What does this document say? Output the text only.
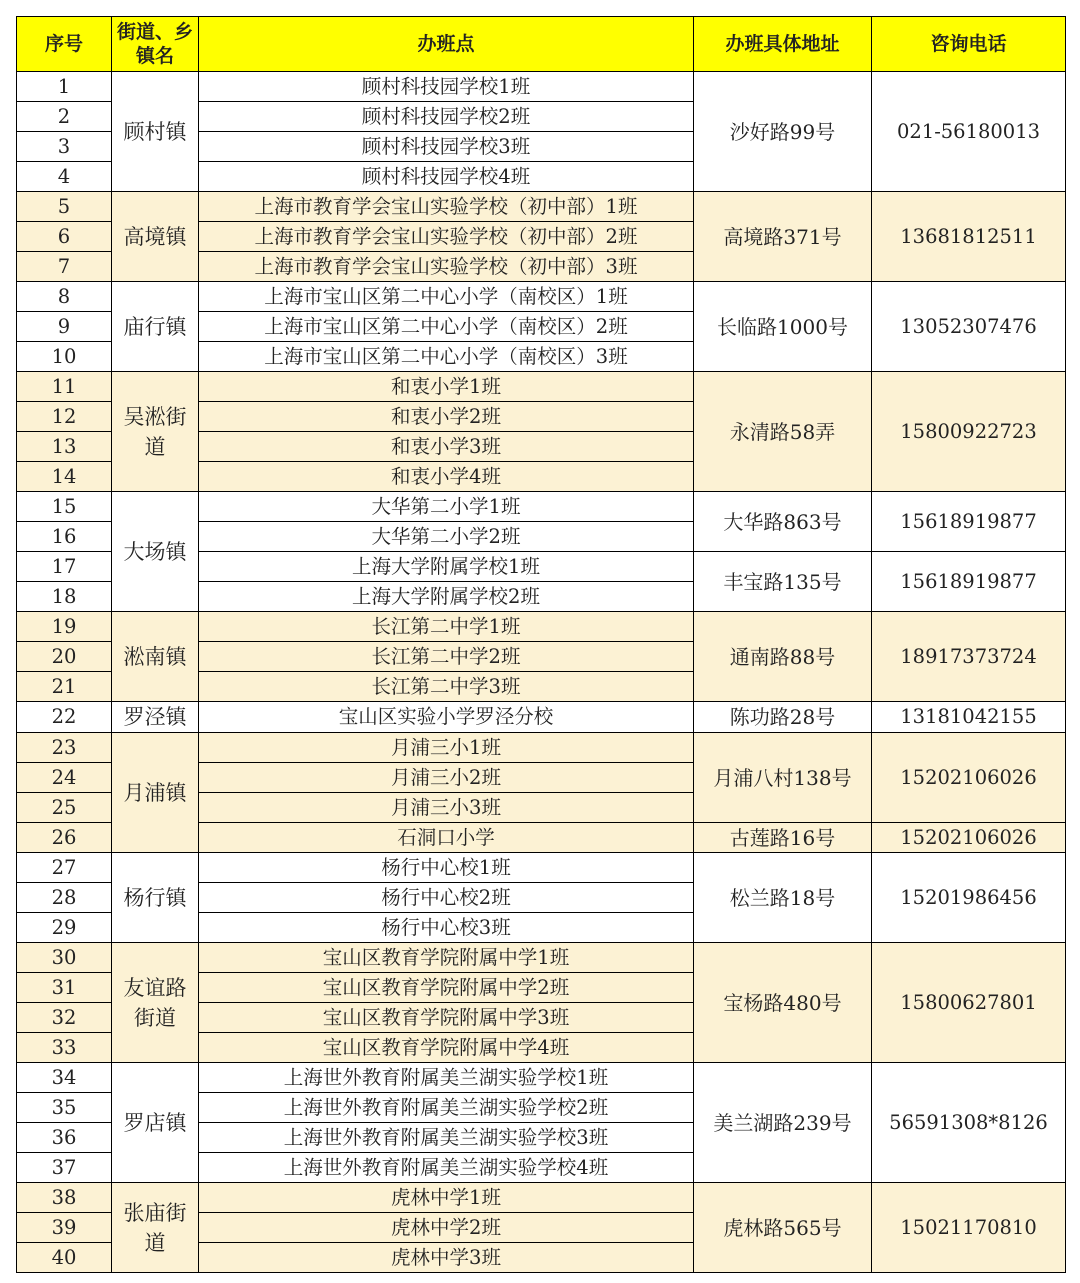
序号	街道、乡镇名	办班点	办班具体地址	咨询电话
1	顾村镇	顾村科技园学校1班	沙好路99号	021-56180013
2		顾村科技园学校2班		
3		顾村科技园学校3班		
4		顾村科技园学校4班		
5	高境镇	上海市教育学会宝山实验学校（初中部）1班	高境路371号	13681812511
6		上海市教育学会宝山实验学校（初中部）2班		
7		上海市教育学会宝山实验学校（初中部）3班		
8	庙行镇	上海市宝山区第二中心小学（南校区）1班	长临路1000号	13052307476
9		上海市宝山区第二中心小学（南校区）2班		
10		上海市宝山区第二中心小学（南校区）3班		
11	吴淞街道	和衷小学1班	永清路58弄	15800922723
12		和衷小学2班		
13		和衷小学3班		
14		和衷小学4班		
15	大场镇	大华第二小学1班	大华路863号	15618919877
16		大华第二小学2班		
17		上海大学附属学校1班	丰宝路135号	15618919877
18		上海大学附属学校2班		
19	淞南镇	长江第二中学1班	通南路88号	18917373724
20		长江第二中学2班		
21		长江第二中学3班		
22	罗泾镇	宝山区实验小学罗泾分校	陈功路28号	13181042155
23	月浦镇	月浦三小1班	月浦八村138号	15202106026
24		月浦三小2班		
25		月浦三小3班		
26		石洞口小学	古莲路16号	15202106026
27	杨行镇	杨行中心校1班	松兰路18号	15201986456
28		杨行中心校2班		
29		杨行中心校3班		
30	友谊路街道	宝山区教育学院附属中学1班	宝杨路480号	15800627801
31		宝山区教育学院附属中学2班		
32		宝山区教育学院附属中学3班		
33		宝山区教育学院附属中学4班		
34	罗店镇	上海世外教育附属美兰湖实验学校1班	美兰湖路239号	56591308*8126
35		上海世外教育附属美兰湖实验学校2班		
36		上海世外教育附属美兰湖实验学校3班		
37		上海世外教育附属美兰湖实验学校4班		
38	张庙街道	虎林中学1班	虎林路565号	15021170810
39		虎林中学2班		
40		虎林中学3班		
